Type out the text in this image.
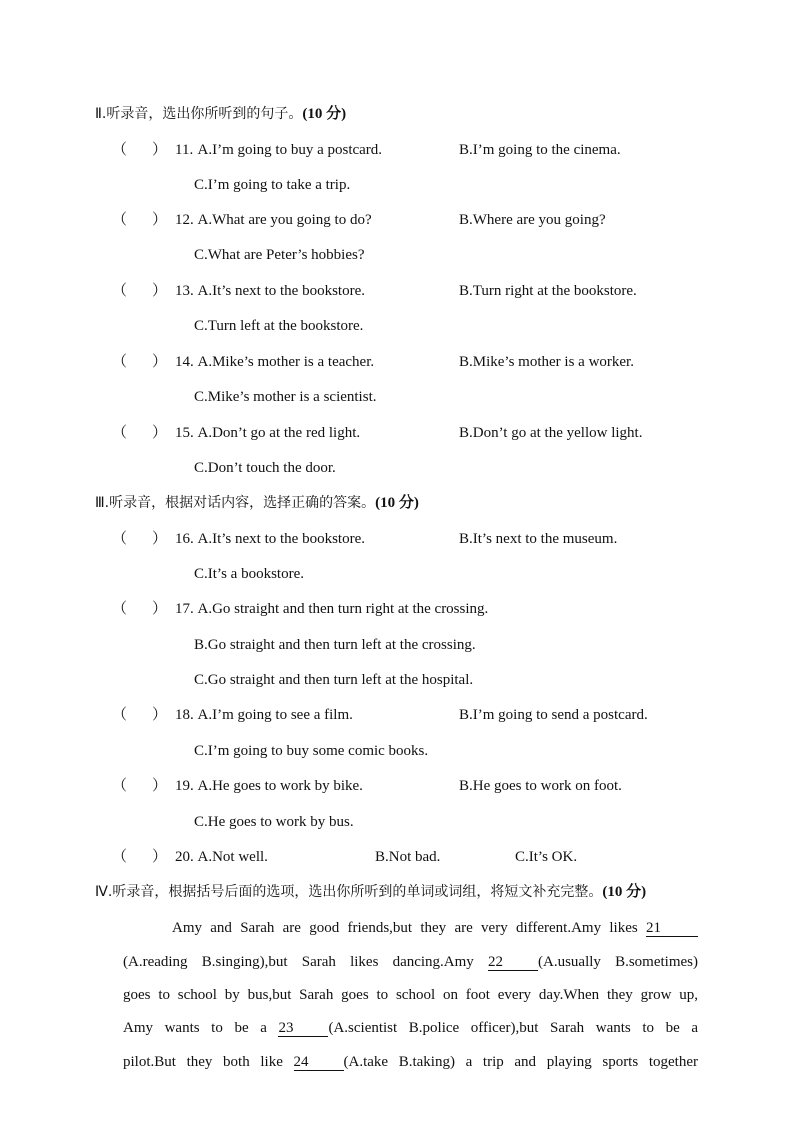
Ⅱ.听录音，选出你所听到的句子。(10 分)
（ ） 11. A.I’m going to buy a postcard.	B.I’m going to the cinema.
C.I’m going to take a trip.
（ ） 12. A.What are you going to do?	B.Where are you going?
C.What are Peter’s hobbies?
（ ） 13. A.It’s next to the bookstore.	B.Turn right at the bookstore.
C.Turn left at the bookstore.
（ ） 14. A.Mike’s mother is a teacher.	B.Mike’s mother is a worker.
C.Mike’s mother is a scientist.
（ ） 15. A.Don’t go at the red light.	B.Don’t go at the yellow light.
C.Don’t touch the door.
Ⅲ.听录音，根据对话内容，选择正确的答案。(10 分)
（ ） 16. A.It’s next to the bookstore.	B.It’s next to the museum.
C.It’s a bookstore.
（ ） 17. A.Go straight and then turn right at the crossing.
B.Go straight and then turn left at the crossing.
C.Go straight and then turn left at the hospital.
（ ） 18. A.I’m going to see a film.	B.I’m going to send a postcard.
C.I’m going to buy some comic books.
（ ） 19. A.He goes to work by bike.	B.He goes to work on foot.
C.He goes to work by bus.
（ ） 20. A.Not well.	B.Not bad.	C.It’s OK.
Ⅳ.听录音，根据括号后面的选项，选出你所听到的单词或词组，将短文补充完整。(10 分)
Amy and Sarah are good friends,but they are very different.Amy likes 21
(A.reading B.singing),but Sarah likes dancing.Amy 22 (A.usually B.sometimes)
goes to school by bus,but Sarah goes to school on foot every day.When they grow up,
Amy wants to be a 23 (A.scientist B.police officer),but Sarah wants to be a
pilot.But they both like 24 (A.take B.taking) a trip and playing sports together
